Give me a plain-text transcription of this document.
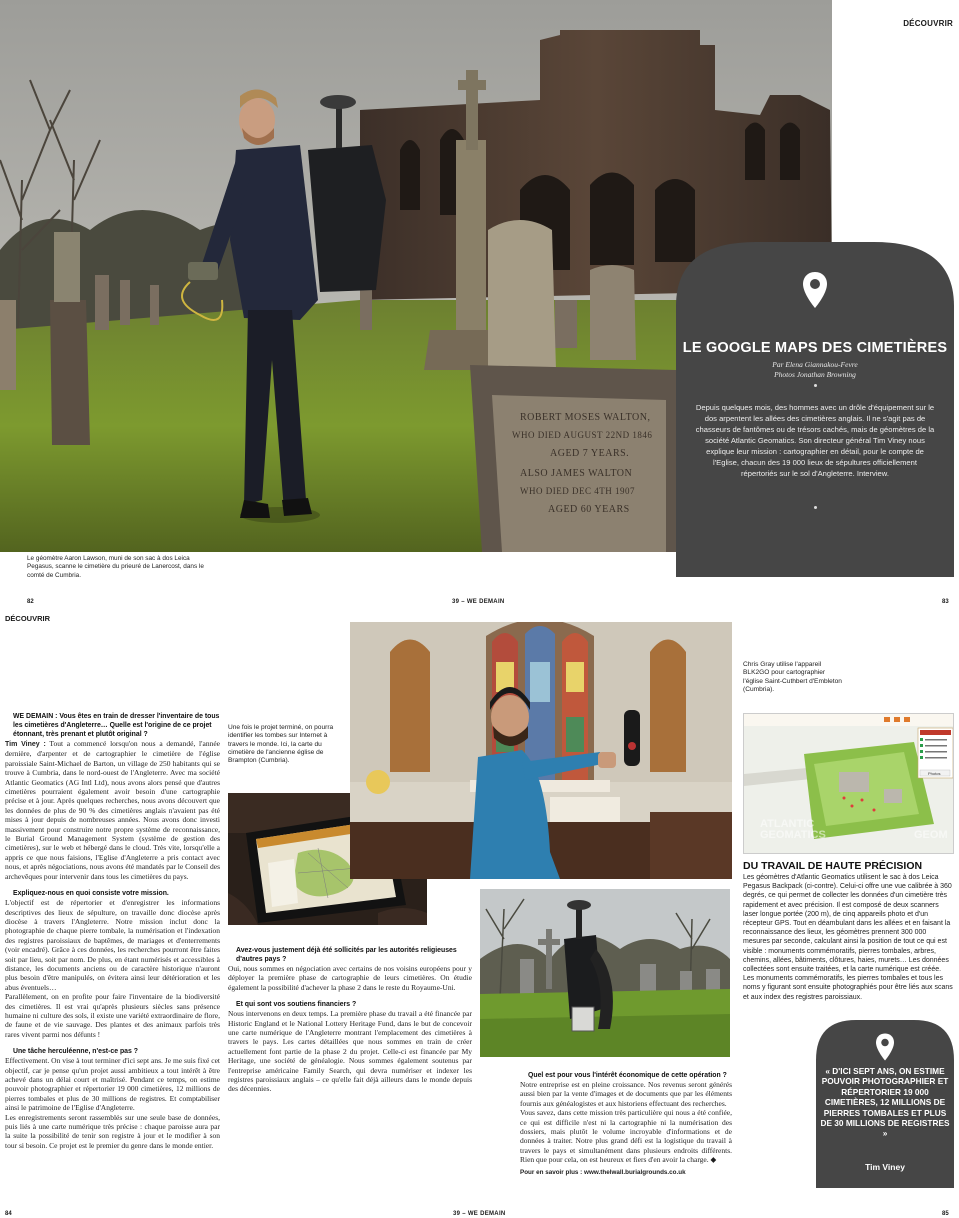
ROBERT MOSES WALTON,
WHO DIED AUGUST 22ND 1846
AGED 7 YEARS.
ALSO JAMES WALTON
WHO DIED DEC 4TH 1907
AGED 60 YEARS
DÉCOUVRIR
Le géomètre Aaron Lawson, muni de son sac à dos Leica Pegasus, scanne le cimetière du prieuré de Lanercost, dans le comté de Cumbria.
LE GOOGLE MAPS DES CIMETIÈRES
Par Elena Giannakou-Fevre
Photos Jonathan Browning
Depuis quelques mois, des hommes avec un drôle d'équipement sur le dos arpentent les allées des cimetières anglais. Il ne s'agit pas de chasseurs de fantômes ou de trésors cachés, mais de géomètres de la société Atlantic Geomatics. Son directeur général Tim Viney nous explique leur mission : cartographier en détail, pour le compte de l'Eglise, chacun des 19 000 lieux de sépultures officiellement répertoriés sur le sol d'Angleterre. Interview.
82	39 – WE DEMAIN	83
DÉCOUVRIR

WE DEMAIN : Vous êtes en train de dresser l'inventaire de tous les cimetières d'Angleterre… Quelle est l'origine de ce projet étonnant, très prenant et plutôt original ?

Tim Viney : Tout a commencé lorsqu'on nous a demandé, l'année dernière, d'arpenter et de cartographier le cimetière de l'église paroissiale Saint-Michael de Barton, un village de 250 habitants qui se trouve à Cumbria, dans le nord-ouest de l'Angleterre. Avec ma société Atlantic Geomatics (AG Intl Ltd), nous avons alors pensé que d'autres cimetières pourraient également avoir besoin d'une cartographie précise et à jour. Après quelques recherches, nous avons découvert que les données de plus de 90 % des cimetières anglais n'avaient pas été mises à jour depuis de nombreuses années. Nous avons donc investi massivement pour construire notre propre système de reconnaissance, le Burial Ground Management System (système de gestion des cimetières), sur le web et hébergé dans le cloud. Très vite, lorsqu'elle a appris ce que nous faisions, l'Eglise d'Angleterre a pris contact avec nous, et après négociations, nous avons été mandatés par le Conseil des archevêques pour intervenir dans tous les cimetières du pays.

Expliquez-nous en quoi consiste votre mission.

L'objectif est de répertorier et d'enregistrer les informations descriptives des lieux de sépulture, on travaille donc diocèse après diocèse à travers l'Angleterre. Notre mission inclut donc la photographie de chaque pierre tombale, la numérisation et l'indexation des registres paroissiaux de baptêmes, de mariages et d'enterrements (voir encadré). Grâce à ces données, les recherches pourront être faites soit par lieu, soit par nom. De plus, en étant numérisés et accessibles à distance, les documents anciens ou de caractère historique n'auront plus besoin d'être manipulés, on évitera ainsi leur détérioration et les abus éventuels…

Parallèlement, on en profite pour faire l'inventaire de la biodiversité des cimetières. Il est vrai qu'après plusieurs siècles sans présence humaine ni culture des sols, il existe une variété extraordinaire de flore, de faune et de vie sauvage. Des plantes et des animaux parfois très rares vivent parmi nos défunts !

Une tâche herculéenne, n'est-ce pas ?

Effectivement. On vise à tout terminer d'ici sept ans. Je me suis fixé cet objectif, car je pense qu'un projet aussi ambitieux a tout intérêt à être achevé dans un délai court et maîtrisé. Pendant ce temps, on estime pouvoir photographier et répertorier 19 000 cimetières, 12 millions de pierres tombales et plus de 30 millions de registres. Et comptabiliser ainsi le patrimoine de l'Eglise d'Angleterre.

Les enregistrements seront rassemblés sur une seule base de données, puis liés à une carte numérique très précise : chaque paroisse aura par la suite la possibilité de tenir son registre à jour et le modifier à son tour si besoin. Ce projet est le premier du genre dans le monde entier.

Une fois le projet terminé, on pourra identifier les tombes sur Internet à travers le monde. Ici, la carte du cimetière de l'ancienne église de Brampton (Cumbria).
Chris Gray utilise l'appareil BLK2GO pour cartographier l'église Saint-Cuthbert d'Embleton (Cumbria).
Photos
ATLANTIC
GEOMATICS	GEOM
DU TRAVAIL DE HAUTE PRÉCISION
Les géomètres d'Atlantic Geomatics utilisent le sac à dos Leica Pegasus Backpack (ci-contre). Celui-ci offre une vue calibrée à 360 degrés, ce qui permet de collecter les données d'un cimetière très rapidement et avec précision. Il est composé de deux scanners laser longue portée (200 m), de cinq appareils photo et d'un récepteur GPS. Tout en déambulant dans les allées et en faisant la reconnaissance des lieux, les géomètres prennent 300 000 mesures par seconde, calculant ainsi la position de tout ce qui est visible : monuments commémoratifs, pierres tombales, arbres, chemins, allées, bâtiments, clôtures, haies, murets… Les données collectées sont ensuite traitées, et la carte numérique est créée. Les monuments commémoratifs, les pierres tombales et tous les noms y figurant sont ensuite photographiés pour être liés aux scans et aux index des registres paroissiaux.

Avez-vous justement déjà été sollicités par les autorités religieuses d'autres pays ?

Oui, nous sommes en négociation avec certains de nos voisins européens pour y déployer la première phase de cartographie de leurs cimetières. On étudie également la possibilité d'achever la phase 2 dans le reste du Royaume-Uni.

Et qui sont vos soutiens financiers ?

Nous intervenons en deux temps. La première phase du travail a été financée par Historic England et le National Lottery Heritage Fund, dans le but de concevoir une carte numérique de l'Angleterre montrant l'emplacement des cimetières à travers le pays. Les cartes détaillées que nous sommes en train de créer actuellement font partie de la phase 2 du projet. Celle-ci est financée par My Heritage, une société de généalogie. Nous sommes également soutenus par l'entreprise américaine Family Search, qui devra numériser et indexer les registres paroissiaux anglais – ce qu'elle fait déjà ailleurs dans le monde depuis des décennies.

Quel est pour vous l'intérêt économique de cette opération ?

Notre entreprise est en pleine croissance. Nos revenus seront générés aussi bien par la vente d'images et de documents que par les éléments fournis aux généalogistes et aux historiens effectuant des recherches.

Vous savez, dans cette mission très particulière qui nous a été confiée, ce qui est difficile n'est ni la cartographie ni la numérisation des dossiers, mais plutôt le volume incroyable d'informations et de données à traiter. Notre plus grand défi est la logistique du travail à travers le pays et simultanément dans plusieurs endroits différents. Rien que pour cela, on est heureux et fiers d'en avoir la charge. ◆

Pour en savoir plus : www.thelwall.burialgrounds.co.uk

« D'ICI SEPT ANS, ON ESTIME POUVOIR PHOTOGRAPHIER ET RÉPERTORIER 19 000 CIMETIÈRES, 12 MILLIONS DE PIERRES TOMBALES ET PLUS DE 30 MILLIONS DE REGISTRES »
Tim Viney
84	39 – WE DEMAIN	85
